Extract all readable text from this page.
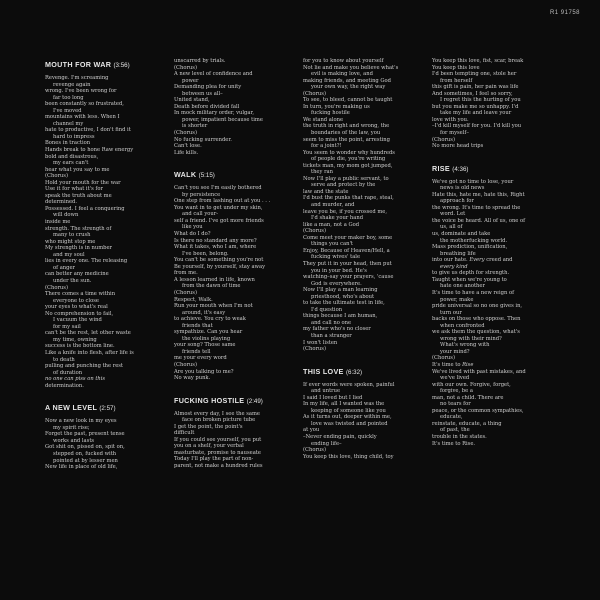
R1 91758
MOUTH FOR WAR (3:56)
Revenge. I'm screaming
revenge again
wrong. I've been wrong for
far too long
been constantly so frustrated,
I've moved
mountains with less. When I
channel my
hate to productive, I don't find it
hard to impress
Bones in traction
Hands break to hone Raw energy
bold and disastrous,
my ears can't
hear what you say to me
(Chorus)
Hold your mouth for the war
Use it for what it's for
speak the truth about me
determined.
Possessed. I feel a conquering
will down
inside me
strength. The strength of
many to crush
who might stop me
My strength is in number
and my soul
lies in every one. The releasing
of anger
can better any medicine
under the sun.
(Chorus)
There comes a time within
everyone to close
your eyes to what's real
No comprehension to fail,
I vacuum the wind
for my sail
can't be the rest, let other waste
my time, owning
success is the bottom line.
Like a knife into flesh, after life is
to death
pulling and punching the rest
of duration
no one can piss on this
determination.
A NEW LEVEL (2:57)
Now a new look in my eyes
my spirit rise;
Forget the past, present tense
works and lasts
Got shit on, pissed on, spit on,
stepped on, fucked with
pointed at by lesser men
New life in place of old life,
unscarred by trials.
(Chorus)
A new level of confidence and
power
Demanding plea for unity
between us all–
United stand,
Death before divided fall
In mock military order, vulgar,
power, impatient because time
is shorter
(Chorus)
No fucking surrender.
Can't lose.
Life kills.
WALK (5:15)
Can't you see I'm easily bothered
by persistence
One step from lashing out at you . . .
You want in to get under my skin,
and call your-
self a friend. I've got more friends
like you
What do I do?
Is there no standard any more?
What it takes, who I am, where
I've been, belong.
You can't be something you're not
Be yourself, by yourself, stay away
from me.
A lesson learned in life, known
from the dawn of time
(Chorus)
Respect, Walk.
Run your mouth when I'm not
around, it's easy
to achieve. You cry to weak
friends that
sympathize. Can you hear
the violins playing
your song? Those same
friends tell
me your every word
(Chorus)
Are you talking to me?
No way punk.
FUCKING HOSTILE (2:49)
Almost every day, I see the same
face on broken picture tube
I get the point, the point's
difficult
If you could see yourself, you put
you on a shelf, your verbal
masturbate, promise to nauseate
Today I'll play the part of non-
parent, not make a hundred rules
for you to know about yourself
Not lie and make you believe what's
evil is making love, and
making friends, and meeting God
your own way, the right way
(Chorus)
To see, to bleed, cannot be taught
In turn, you're making us
fucking hostile
We stand alone
the truth in right and wrong, the
boundaries of the law, you
seem to miss the point, arresting
for a joint?!
You seem to wonder why hundreds
of people die, you're writing
tickets man, my mom got jumped,
they ran
Now I'll play a public servant, to
serve and protect by the
law and the state
I'd bust the punks that rape, steal,
and murder, and
leave you be, if you crossed me,
I'd shake your hand
like a man, not a God
(Chorus)
Come meet your maker boy, some
things you can't
Enjoy, Because of Heaven/Hell, a
fucking wives' tale
They put it in your head, then put
you in your bed. He's
watching–say your prayers, 'cause
God is everywhere.
Now I'll play a man learning
priesthood, who's about
to take the ultimate test in life,
I'd question
things because I am human,
and call no one
my father who's no closer
than a stranger
I won't listen
(Chorus)
THIS LOVE (6:32)
If ever words were spoken, painful
and untrue
I said I loved but I lied
In my life, all I wanted was the
keeping of someone like you
As it turns out, deeper within me,
love was twisted and pointed
at you
–Never ending pain, quickly
ending life–
(Chorus)
You keep this love, thing child, toy
You keep this love, fist, scar, break
You keep this love
I'd been tempting one, stole her
from herself
this gift is pain, her pain was life
And sometimes, I feel so sorry,
I regret this the hurting of you
but you make me so unhappy. I'd
take my life and leave your
love with you.
–I'd kill myself for you. I'd kill you
for myself–
(Chorus)
No more head trips
RISE (4:36)
We've got no time to lose, your
news is old news
Hate this, hate me, hate this, Right
approach for
the wrong. It's time to spread the
word. Let
the voice be heard. All of us, one of
us, all of
us, dominate and take
the motherfucking world.
Mass prediction, unification,
breathing life
into our hate. Every creed and
every kind
to give us depth for strength.
Taught when we're young to
hate one another
It's time to have a new reign of
power, make
pride universal so no one gives in,
turn our
backs on those who oppose. Then
when confronted
we ask them the question, what's
wrong with their mind?
What's wrong with
your mind?
(Chorus)
It's time to Rise
We've lived with past mistakes, and
we've lived
with our own. Forgive, forget,
forgive, be a
man, not a child. There are
no tears for
peace, or the common sympathies,
educate,
reinstate, educate, a thing
of past, the
trouble in the states.
It's time to Rise.
